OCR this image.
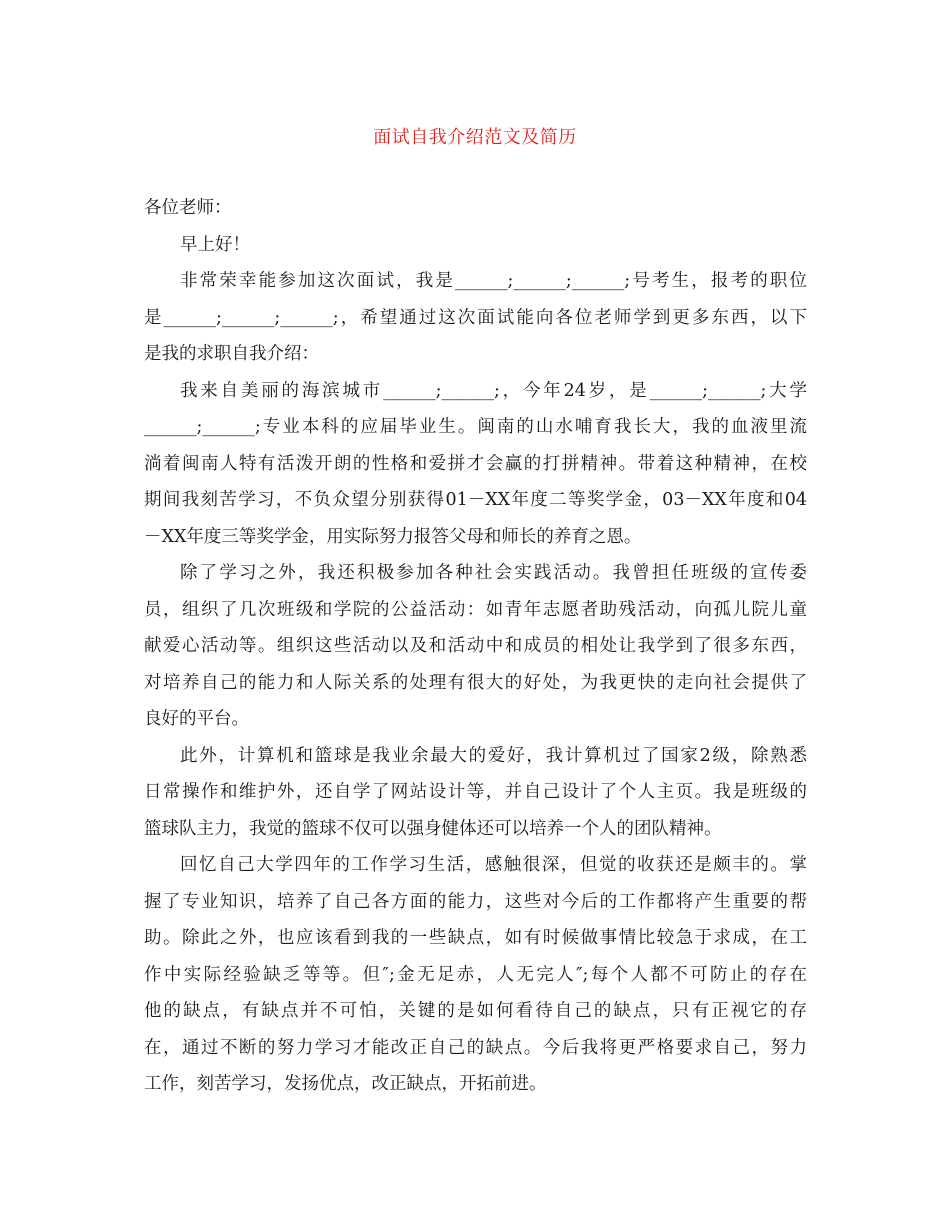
面试自我介绍范文及简历
各位老师：
早上好！
非常荣幸能参加这次面试，我是______;______;______;号考生，报考的职位
是______;______;______;，希望通过这次面试能向各位老师学到更多东西，以下
是我的求职自我介绍：
我来自美丽的海滨城市______;______;，今年24岁，是______;______;大学
______;______;专业本科的应届毕业生。闽南的山水哺育我长大，我的血液里流
淌着闽南人特有活泼开朗的性格和爱拼才会赢的打拼精神。带着这种精神，在校
期间我刻苦学习，不负众望分别获得01－XX年度二等奖学金，03－XX年度和04
－XX年度三等奖学金，用实际努力报答父母和师长的养育之恩。
除了学习之外，我还积极参加各种社会实践活动。我曾担任班级的宣传委
员，组织了几次班级和学院的公益活动：如青年志愿者助残活动，向孤儿院儿童
献爱心活动等。组织这些活动以及和活动中和成员的相处让我学到了很多东西，
对培养自己的能力和人际关系的处理有很大的好处，为我更快的走向社会提供了
良好的平台。
此外，计算机和篮球是我业余最大的爱好，我计算机过了国家2级，除熟悉
日常操作和维护外，还自学了网站设计等，并自己设计了个人主页。我是班级的
篮球队主力，我觉的篮球不仅可以强身健体还可以培养一个人的团队精神。
回忆自己大学四年的工作学习生活，感触很深，但觉的收获还是颇丰的。掌
握了专业知识，培养了自己各方面的能力，这些对今后的工作都将产生重要的帮
助。除此之外，也应该看到我的一些缺点，如有时候做事情比较急于求成，在工
作中实际经验缺乏等等。但″;金无足赤，人无完人″;每个人都不可防止的存在
他的缺点，有缺点并不可怕，关键的是如何看待自己的缺点，只有正视它的存
在，通过不断的努力学习才能改正自己的缺点。今后我将更严格要求自己，努力
工作，刻苦学习，发扬优点，改正缺点，开拓前进。
